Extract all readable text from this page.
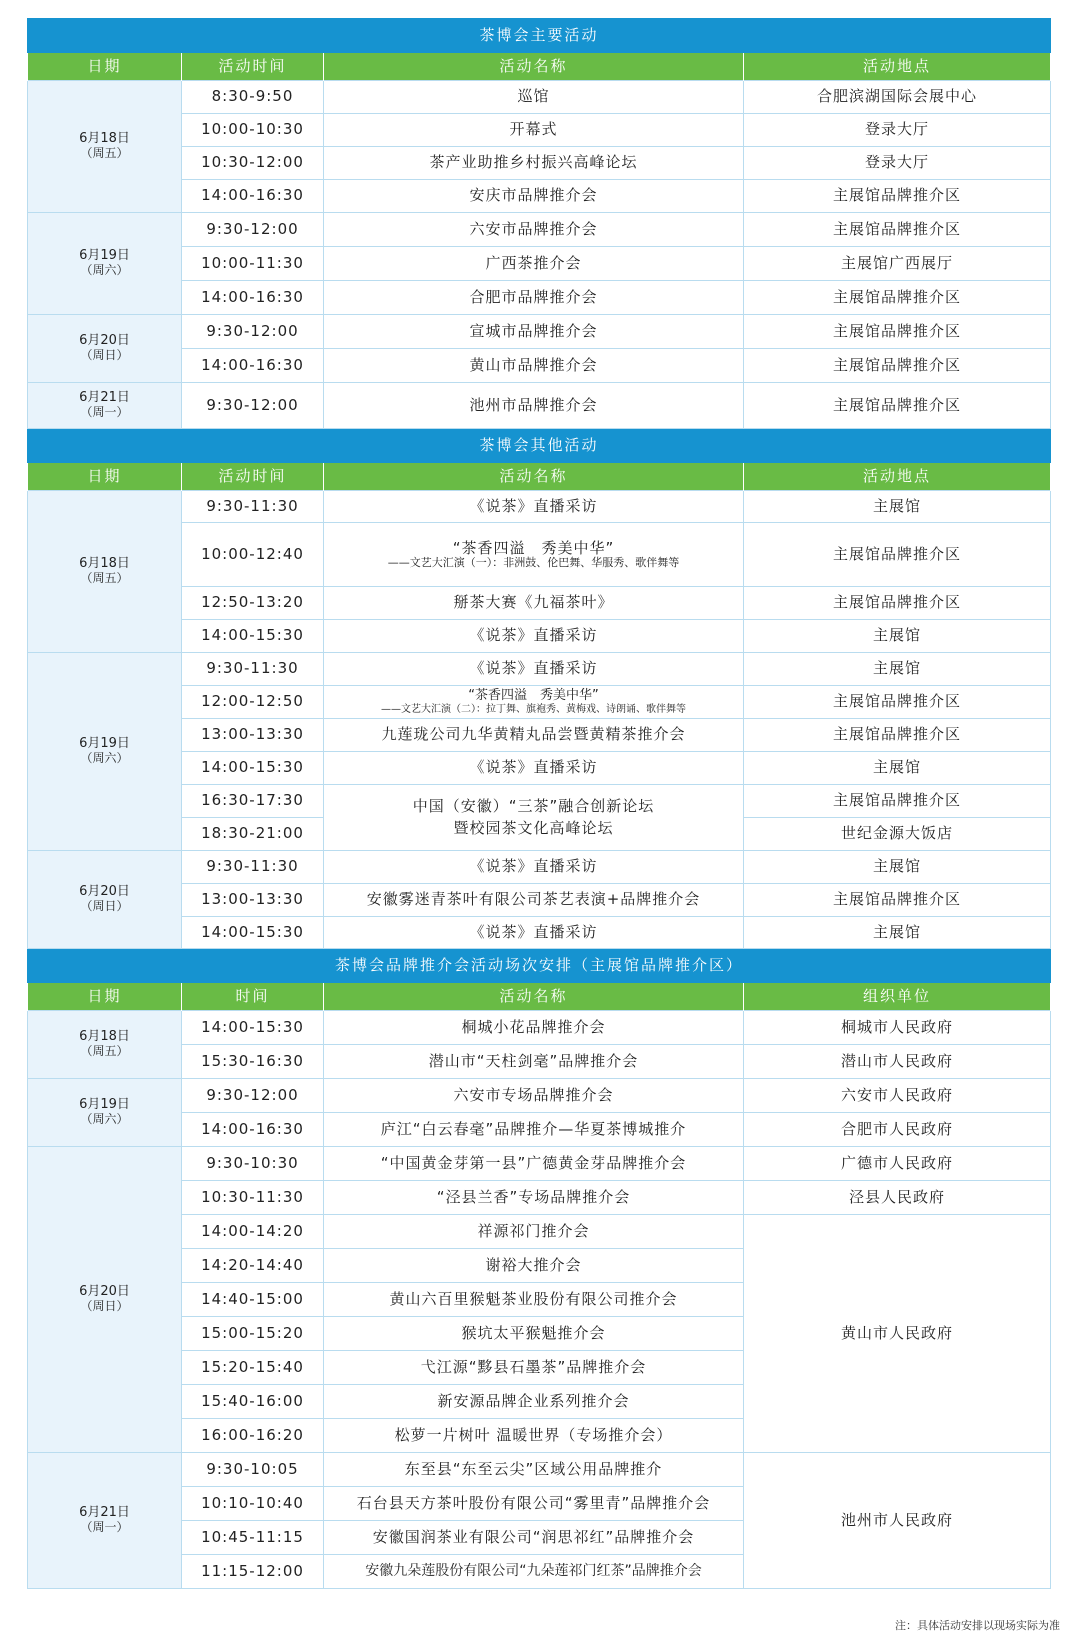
茶博会主要活动			
日期	活动时间	活动名称	活动地点
6月18日
（周五）	8:30-9:50	巡馆	合肥滨湖国际会展中心
	10:00-10:30	开幕式	登录大厅
	10:30-12:00	茶产业助推乡村振兴高峰论坛	登录大厅
	14:00-16:30	安庆市品牌推介会	主展馆品牌推介区
6月19日
（周六）	9:30-12:00	六安市品牌推介会	主展馆品牌推介区
	10:00-11:30	广西茶推介会	主展馆广西展厅
	14:00-16:30	合肥市品牌推介会	主展馆品牌推介区
6月20日
（周日）	9:30-12:00	宣城市品牌推介会	主展馆品牌推介区
	14:00-16:30	黄山市品牌推介会	主展馆品牌推介区
6月21日
（周一）	9:30-12:00	池州市品牌推介会	主展馆品牌推介区
茶博会其他活动			
日期	活动时间	活动名称	活动地点
6月18日
（周五）	9:30-11:30	《说茶》直播采访	主展馆
	10:00-12:40	“茶香四溢　秀美中华”
——文艺大汇演（一）：非洲鼓、伦巴舞、华服秀、歌伴舞等	主展馆品牌推介区
	12:50-13:20	掰茶大赛《九福茶叶》	主展馆品牌推介区
	14:00-15:30	《说茶》直播采访	主展馆
6月19日
（周六）	9:30-11:30	《说茶》直播采访	主展馆
	12:00-12:50	“茶香四溢　秀美中华”
——文艺大汇演（二）：拉丁舞、旗袍秀、黄梅戏、诗朗诵、歌伴舞等	主展馆品牌推介区
	13:00-13:30	九莲珑公司九华黄精丸品尝暨黄精茶推介会	主展馆品牌推介区
	14:00-15:30	《说茶》直播采访	主展馆
	16:30-17:30	中国（安徽）“三茶”融合创新论坛
暨校园茶文化高峰论坛	主展馆品牌推介区
	18:30-21:00		世纪金源大饭店
6月20日
（周日）	9:30-11:30	《说茶》直播采访	主展馆
	13:00-13:30	安徽雾迷青茶叶有限公司茶艺表演+品牌推介会	主展馆品牌推介区
	14:00-15:30	《说茶》直播采访	主展馆
茶博会品牌推介会活动场次安排（主展馆品牌推介区）			
日期	时间	活动名称	组织单位
6月18日
（周五）	14:00-15:30	桐城小花品牌推介会	桐城市人民政府
	15:30-16:30	潜山市“天柱剑毫”品牌推介会	潜山市人民政府
6月19日
（周六）	9:30-12:00	六安市专场品牌推介会	六安市人民政府
	14:00-16:30	庐江“白云春毫”品牌推介—华夏茶博城推介	合肥市人民政府
6月20日
（周日）	9:30-10:30	“中国黄金芽第一县”广德黄金芽品牌推介会	广德市人民政府
	10:30-11:30	“泾县兰香”专场品牌推介会	泾县人民政府
	14:00-14:20	祥源祁门推介会	黄山市人民政府
	14:20-14:40	谢裕大推介会	
	14:40-15:00	黄山六百里猴魁茶业股份有限公司推介会	
	15:00-15:20	猴坑太平猴魁推介会	
	15:20-15:40	弋江源“黟县石墨茶”品牌推介会	
	15:40-16:00	新安源品牌企业系列推介会	
	16:00-16:20	松萝一片树叶 温暖世界（专场推介会）	
6月21日
（周一）	9:30-10:05	东至县“东至云尖”区域公用品牌推介	池州市人民政府
	10:10-10:40	石台县天方茶叶股份有限公司“雾里青”品牌推介会	
	10:45-11:15	安徽国润茶业有限公司“润思祁红”品牌推介会	
	11:15-12:00	安徽九朵莲股份有限公司“九朵莲祁门红茶”品牌推介会	
注：具体活动安排以现场实际为准
